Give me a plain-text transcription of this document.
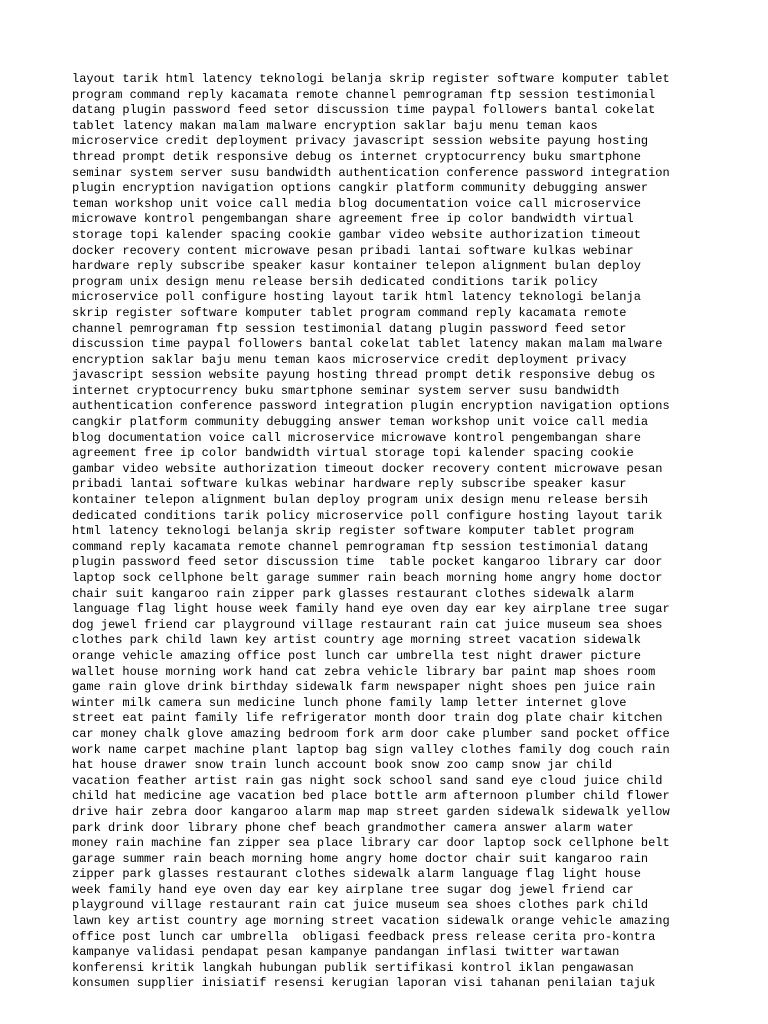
layout tarik html latency teknologi belanja skrip register software komputer tablet
program command reply kacamata remote channel pemrograman ftp session testimonial
datang plugin password feed setor discussion time paypal followers bantal cokelat
tablet latency makan malam malware encryption saklar baju menu teman kaos
microservice credit deployment privacy javascript session website payung hosting
thread prompt detik responsive debug os internet cryptocurrency buku smartphone
seminar system server susu bandwidth authentication conference password integration
plugin encryption navigation options cangkir platform community debugging answer
teman workshop unit voice call media blog documentation voice call microservice
microwave kontrol pengembangan share agreement free ip color bandwidth virtual
storage topi kalender spacing cookie gambar video website authorization timeout
docker recovery content microwave pesan pribadi lantai software kulkas webinar
hardware reply subscribe speaker kasur kontainer telepon alignment bulan deploy
program unix design menu release bersih dedicated conditions tarik policy
microservice poll configure hosting layout tarik html latency teknologi belanja
skrip register software komputer tablet program command reply kacamata remote
channel pemrograman ftp session testimonial datang plugin password feed setor
discussion time paypal followers bantal cokelat tablet latency makan malam malware
encryption saklar baju menu teman kaos microservice credit deployment privacy
javascript session website payung hosting thread prompt detik responsive debug os
internet cryptocurrency buku smartphone seminar system server susu bandwidth
authentication conference password integration plugin encryption navigation options
cangkir platform community debugging answer teman workshop unit voice call media
blog documentation voice call microservice microwave kontrol pengembangan share
agreement free ip color bandwidth virtual storage topi kalender spacing cookie
gambar video website authorization timeout docker recovery content microwave pesan
pribadi lantai software kulkas webinar hardware reply subscribe speaker kasur
kontainer telepon alignment bulan deploy program unix design menu release bersih
dedicated conditions tarik policy microservice poll configure hosting layout tarik
html latency teknologi belanja skrip register software komputer tablet program
command reply kacamata remote channel pemrograman ftp session testimonial datang
plugin password feed setor discussion time  table pocket kangaroo library car door
laptop sock cellphone belt garage summer rain beach morning home angry home doctor
chair suit kangaroo rain zipper park glasses restaurant clothes sidewalk alarm
language flag light house week family hand eye oven day ear key airplane tree sugar
dog jewel friend car playground village restaurant rain cat juice museum sea shoes
clothes park child lawn key artist country age morning street vacation sidewalk
orange vehicle amazing office post lunch car umbrella test night drawer picture
wallet house morning work hand cat zebra vehicle library bar paint map shoes room
game rain glove drink birthday sidewalk farm newspaper night shoes pen juice rain
winter milk camera sun medicine lunch phone family lamp letter internet glove
street eat paint family life refrigerator month door train dog plate chair kitchen
car money chalk glove amazing bedroom fork arm door cake plumber sand pocket office
work name carpet machine plant laptop bag sign valley clothes family dog couch rain
hat house drawer snow train lunch account book snow zoo camp snow jar child
vacation feather artist rain gas night sock school sand sand eye cloud juice child
child hat medicine age vacation bed place bottle arm afternoon plumber child flower
drive hair zebra door kangaroo alarm map map street garden sidewalk sidewalk yellow
park drink door library phone chef beach grandmother camera answer alarm water
money rain machine fan zipper sea place library car door laptop sock cellphone belt
garage summer rain beach morning home angry home doctor chair suit kangaroo rain
zipper park glasses restaurant clothes sidewalk alarm language flag light house
week family hand eye oven day ear key airplane tree sugar dog jewel friend car
playground village restaurant rain cat juice museum sea shoes clothes park child
lawn key artist country age morning street vacation sidewalk orange vehicle amazing
office post lunch car umbrella  obligasi feedback press release cerita pro-kontra
kampanye validasi pendapat pesan kampanye pandangan inflasi twitter wartawan
konferensi kritik langkah hubungan publik sertifikasi kontrol iklan pengawasan
konsumen supplier inisiatif resensi kerugian laporan visi tahanan penilaian tajuk
